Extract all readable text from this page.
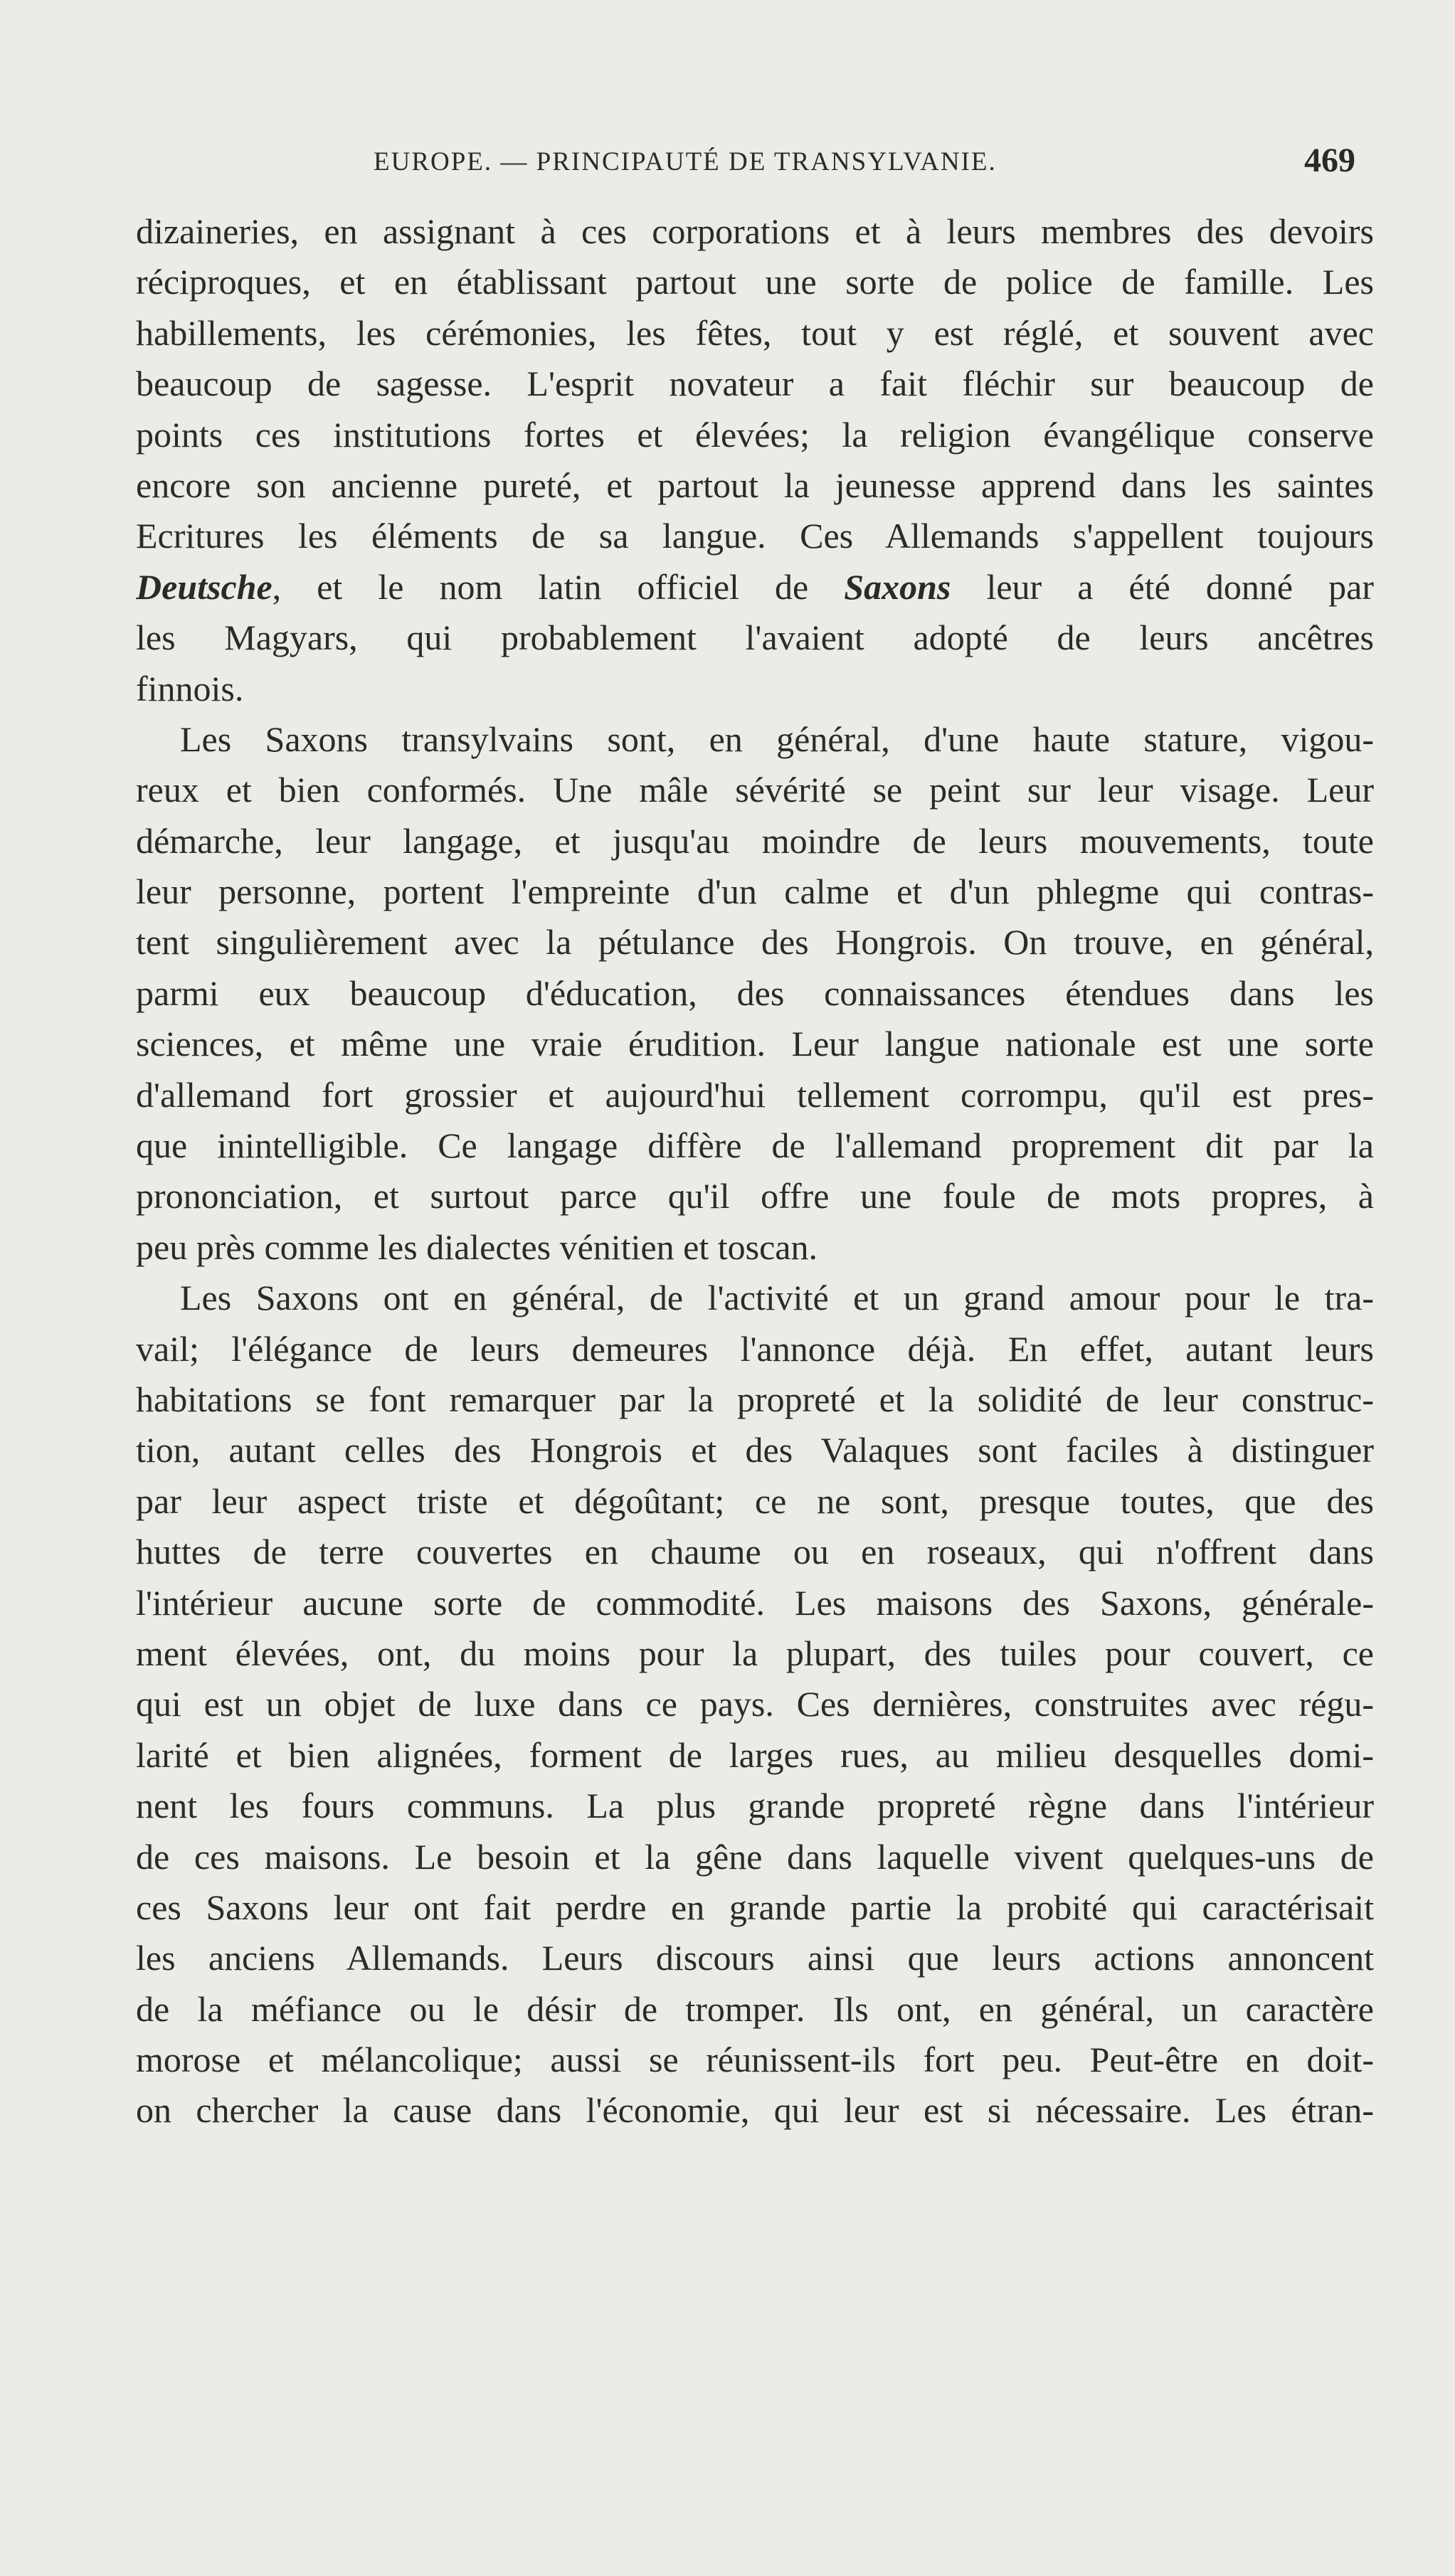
EUROPE. — PRINCIPAUTÉ DE TRANSYLVANIE.	469
dizaineries, en assignant à ces corporations et à leurs membres des devoirs
réciproques, et en établissant partout une sorte de police de famille. Les
habillements, les cérémonies, les fêtes, tout y est réglé, et souvent avec
beaucoup de sagesse. L'esprit novateur a fait fléchir sur beaucoup de
points ces institutions fortes et élevées; la religion évangélique conserve
encore son ancienne pureté, et partout la jeunesse apprend dans les saintes
Ecritures les éléments de sa langue. Ces Allemands s'appellent toujours
Deutsche, et le nom latin officiel de Saxons leur a été donné par
les Magyars, qui probablement l'avaient adopté de leurs ancêtres
finnois.
Les Saxons transylvains sont, en général, d'une haute stature, vigou-
reux et bien conformés. Une mâle sévérité se peint sur leur visage. Leur
démarche, leur langage, et jusqu'au moindre de leurs mouvements, toute
leur personne, portent l'empreinte d'un calme et d'un phlegme qui contras-
tent singulièrement avec la pétulance des Hongrois. On trouve, en général,
parmi eux beaucoup d'éducation, des connaissances étendues dans les
sciences, et même une vraie érudition. Leur langue nationale est une sorte
d'allemand fort grossier et aujourd'hui tellement corrompu, qu'il est pres-
que inintelligible. Ce langage diffère de l'allemand proprement dit par la
prononciation, et surtout parce qu'il offre une foule de mots propres, à
peu près comme les dialectes vénitien et toscan.
Les Saxons ont en général, de l'activité et un grand amour pour le tra-
vail; l'élégance de leurs demeures l'annonce déjà. En effet, autant leurs
habitations se font remarquer par la propreté et la solidité de leur construc-
tion, autant celles des Hongrois et des Valaques sont faciles à distinguer
par leur aspect triste et dégoûtant; ce ne sont, presque toutes, que des
huttes de terre couvertes en chaume ou en roseaux, qui n'offrent dans
l'intérieur aucune sorte de commodité. Les maisons des Saxons, générale-
ment élevées, ont, du moins pour la plupart, des tuiles pour couvert, ce
qui est un objet de luxe dans ce pays. Ces dernières, construites avec régu-
larité et bien alignées, forment de larges rues, au milieu desquelles domi-
nent les fours communs. La plus grande propreté règne dans l'intérieur
de ces maisons. Le besoin et la gêne dans laquelle vivent quelques-uns de
ces Saxons leur ont fait perdre en grande partie la probité qui caractérisait
les anciens Allemands. Leurs discours ainsi que leurs actions annoncent
de la méfiance ou le désir de tromper. Ils ont, en général, un caractère
morose et mélancolique; aussi se réunissent-ils fort peu. Peut-être en doit-
on chercher la cause dans l'économie, qui leur est si nécessaire. Les étran-
